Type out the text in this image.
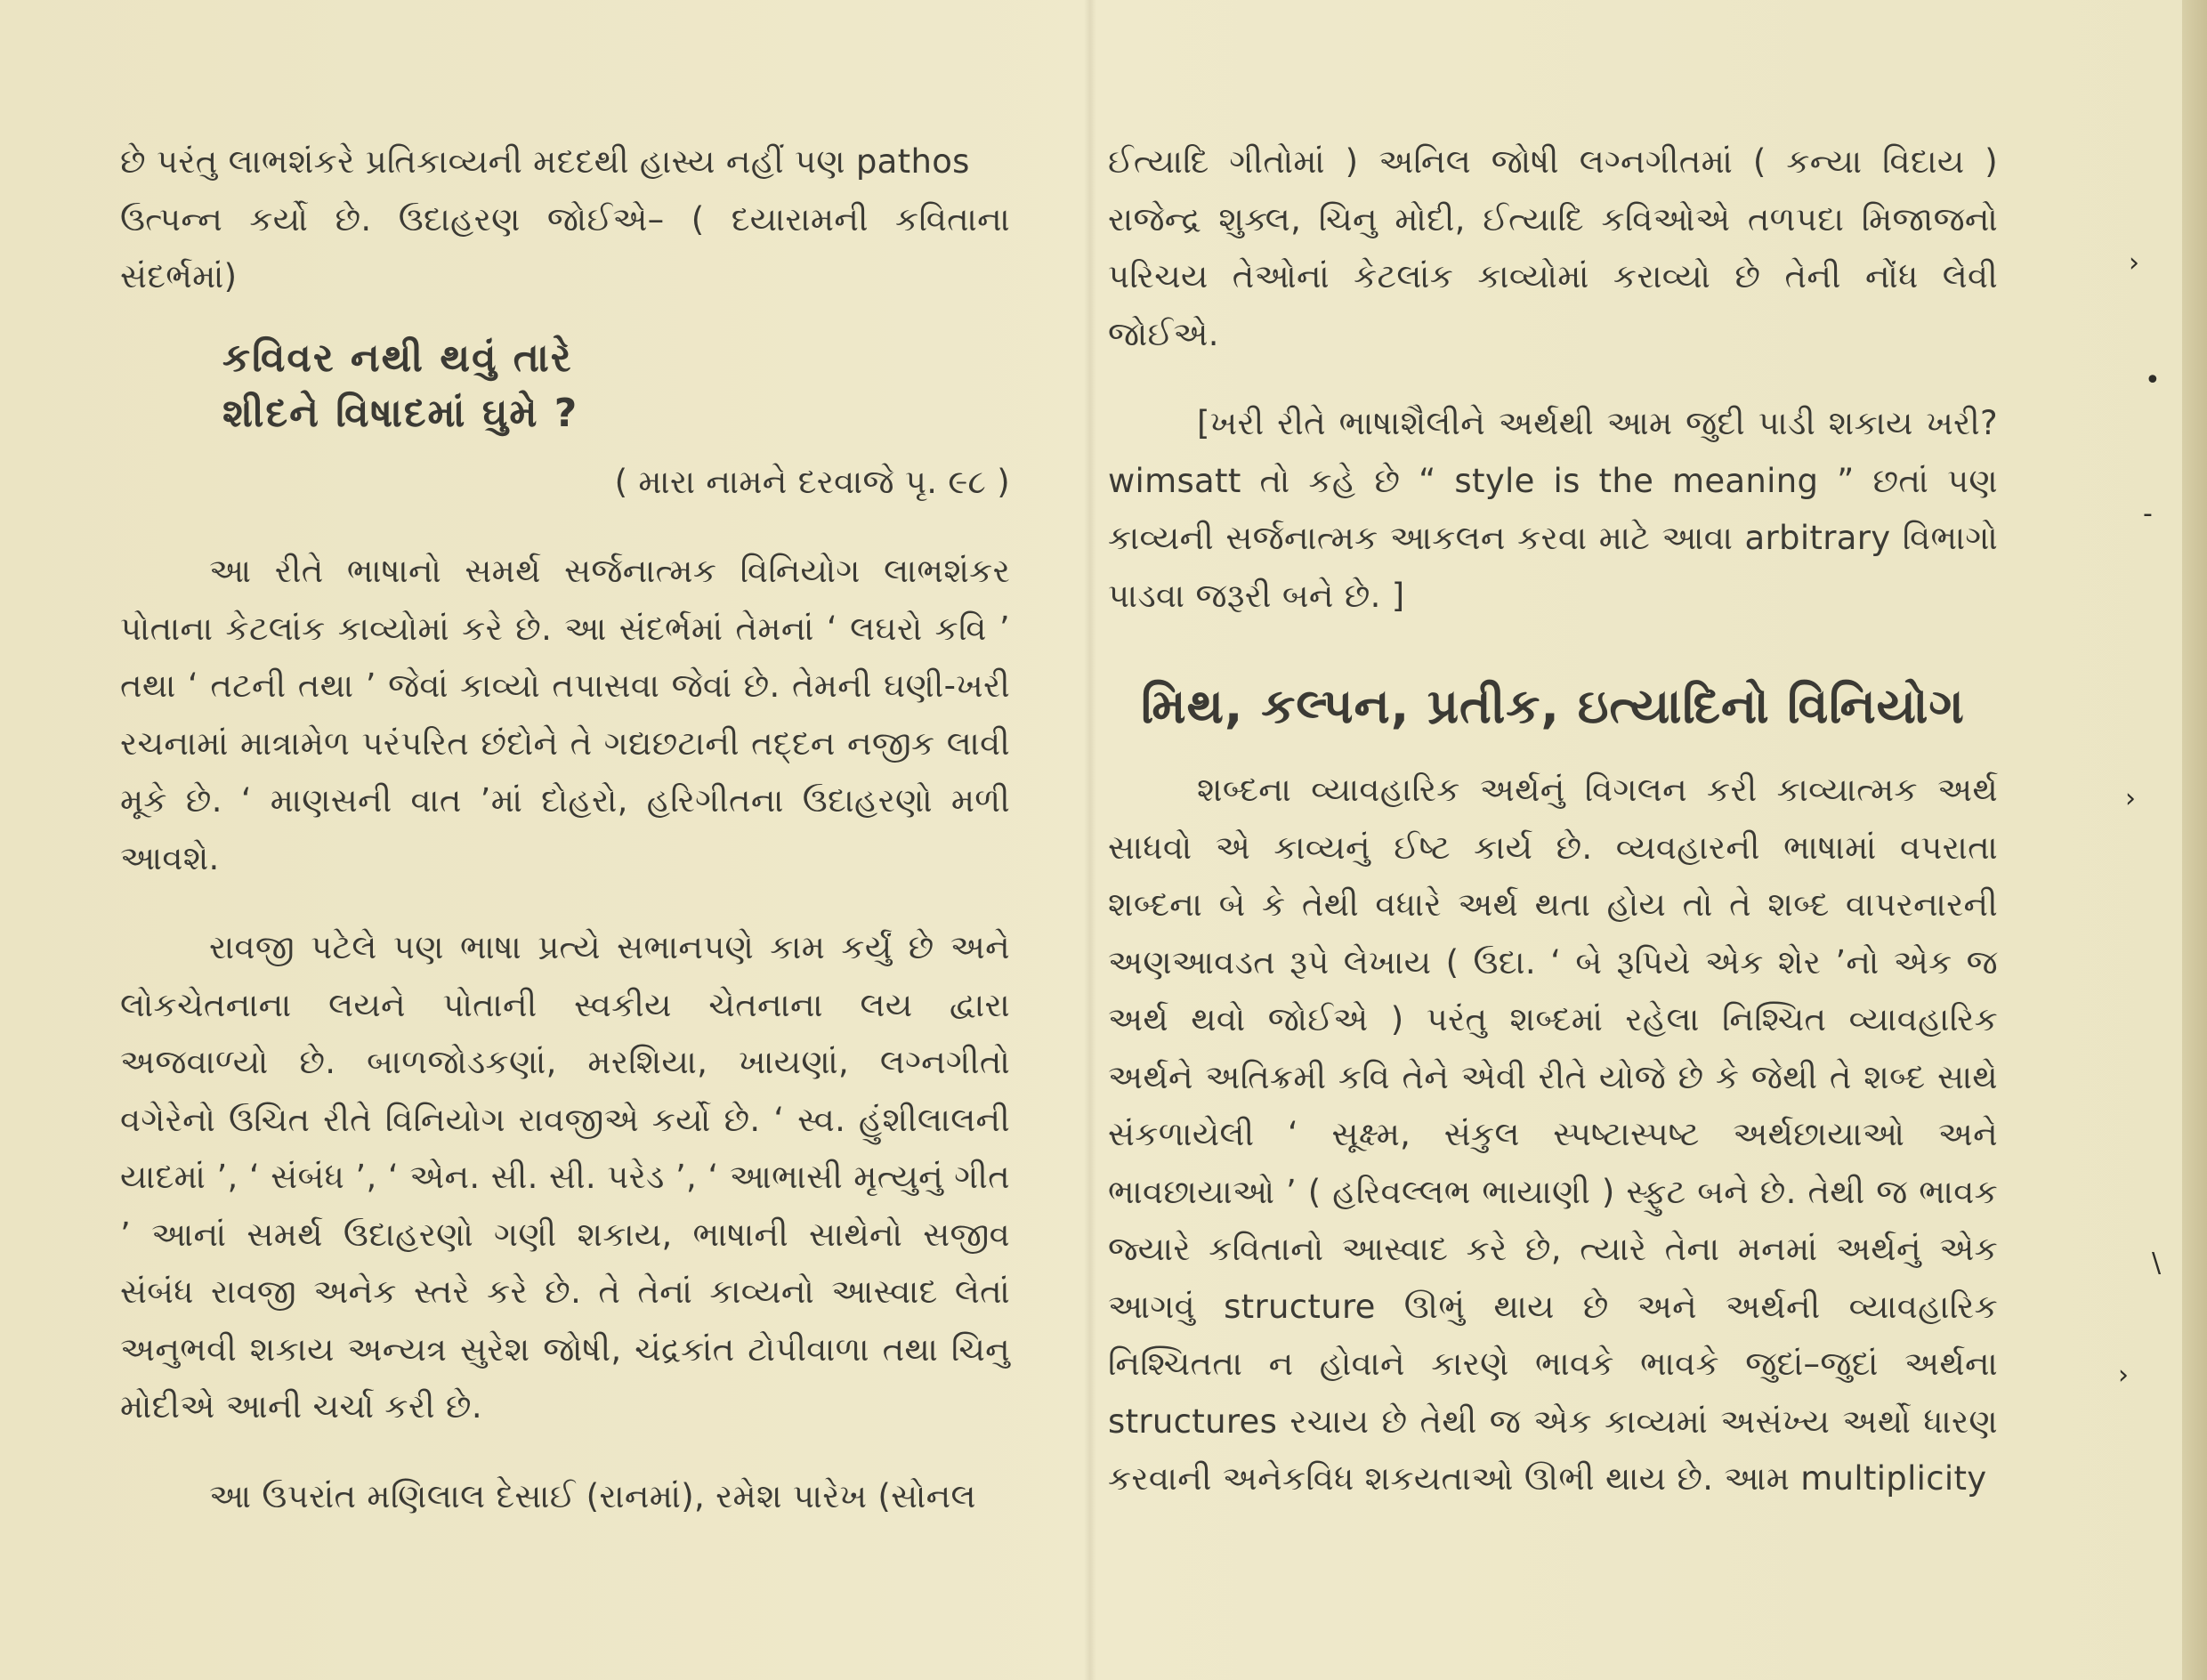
છે પરંતુ લાભશંકરે પ્રતિકાવ્યની મદદથી હાસ્ય નહીં પણ pathos
ઉત્પન્ન કર્યો છે. ઉદાહરણ જોઈએ– ( દયારામની કવિતાના સંદર્ભમાં)

કવિવર નથી થવું તારે
શીદને વિષાદમાં ઘુમે ?

( મારા નામને દરવાજે પૃ. ૯૮ )

આ રીતે ભાષાનો સમર્થ સર્જનાત્મક વિનિયોગ લાભશંકર પોતાના કેટલાંક કાવ્યોમાં કરે છે. આ સંદર્ભમાં તેમનાં ‘ લઘરો કવિ ’ તથા ‘ તટની તથા ’ જેવાં કાવ્યો તપાસવા જેવાં છે. તેમની ઘણી-ખરી રચનામાં માત્રામેળ પરંપરિત છંદોને તે ગદ્યછટાની તદ્દન નજીક લાવી મૂકે છે. ‘ માણસની વાત ’માં દોહરો, હરિગીતના ઉદાહરણો મળી આવશે.

રાવજી પટેલે પણ ભાષા પ્રત્યે સભાનપણે કામ કર્યું છે અને લોકચેતનાના લયને પોતાની સ્વકીય ચેતનાના લય દ્વારા અજવાળ્યો છે. બાળજોડકણાં, મરશિયા, ખાયણાં, લગ્નગીતો વગેરેનો ઉચિત રીતે વિનિયોગ રાવજીએ કર્યો છે. ‘ સ્વ. હુંશીલાલની યાદમાં ’, ‘ સંબંધ ’, ‘ એન. સી. સી. પરેડ ’, ‘ આભાસી મૃત્યુનું ગીત ’ આનાં સમર્થ ઉદાહરણો ગણી શકાય, ભાષાની સાથેનો સજીવ સંબંધ રાવજી અનેક સ્તરે કરે છે. તે તેનાં કાવ્યનો આસ્વાદ લેતાં અનુભવી શકાય અન્યત્ર સુરેશ જોષી, ચંદ્રકાંત ટોપીવાળા તથા ચિનુ મોદીએ આની ચર્ચા કરી છે.

આ ઉપરાંત મણિલાલ દેસાઈ (રાનમાં), રમેશ પારેખ (સોનલ

ઈત્યાદિ ગીતોમાં ) અનિલ જોષી લગ્નગીતમાં ( કન્યા વિદાય ) રાજેન્દ્ર શુક્લ, ચિનુ મોદી, ઈત્યાદિ કવિઓએ તળપદા મિજાજનો પરિચય તેઓનાં કેટલાંક કાવ્યોમાં કરાવ્યો છે તેની નોંધ લેવી જોઈએ.

[ખરી રીતે ભાષાશૈલીને અર્થથી આમ જુદી પાડી શકાય ખરી? wimsatt તો કહે છે “ style is the meaning ” છતાં પણ કાવ્યની સર્જનાત્મક આકલન કરવા માટે આવા arbitrary વિભાગો પાડવા જરૂરી બને છે. ]

મિથ, કલ્પન, પ્રતીક, ઇત્યાદિનો વિનિયોગ

શબ્દના વ્યાવહારિક અર્થનું વિગલન કરી કાવ્યાત્મક અર્થ સાધવો એ કાવ્યનું ઈષ્ટ કાર્ય છે. વ્યવહારની ભાષામાં વપરાતા શબ્દના બે કે તેથી વધારે અર્થ થતા હોય તો તે શબ્દ વાપરનારની અણઆવડત રૂપે લેખાય ( ઉદા. ‘ બે રૂપિયે એક શેર ’નો એક જ અર્થ થવો જોઈએ ) પરંતુ શબ્દમાં રહેલા નિશ્ચિત વ્યાવહારિક અર્થને અતિક્રમી કવિ તેને એવી રીતે યોજે છે કે જેથી તે શબ્દ સાથે સંકળાયેલી ‘ સૂક્ષ્મ, સંકુલ સ્પષ્ટાસ્પષ્ટ અર્થછાયાઓ અને ભાવછાયાઓ ’ ( હરિવલ્લભ ભાયાણી ) સ્ફુટ બને છે. તેથી જ ભાવક જ્યારે કવિતાનો આસ્વાદ કરે છે, ત્યારે તેના મનમાં અર્થનું એક આગવું structure ઊભું થાય છે અને અર્થની વ્યાવહારિક નિશ્ચિતતા ન હોવાને કારણે ભાવકે ભાવકે જુદાં–જુદાં અર્થના structures રચાય છે તેથી જ એક કાવ્યમાં અસંખ્ય અર્થો ધારણ કરવાની અનેકવિધ શકયતાઓ ઊભી થાય છે. આમ multiplicity

›
•
-
›
\
›
